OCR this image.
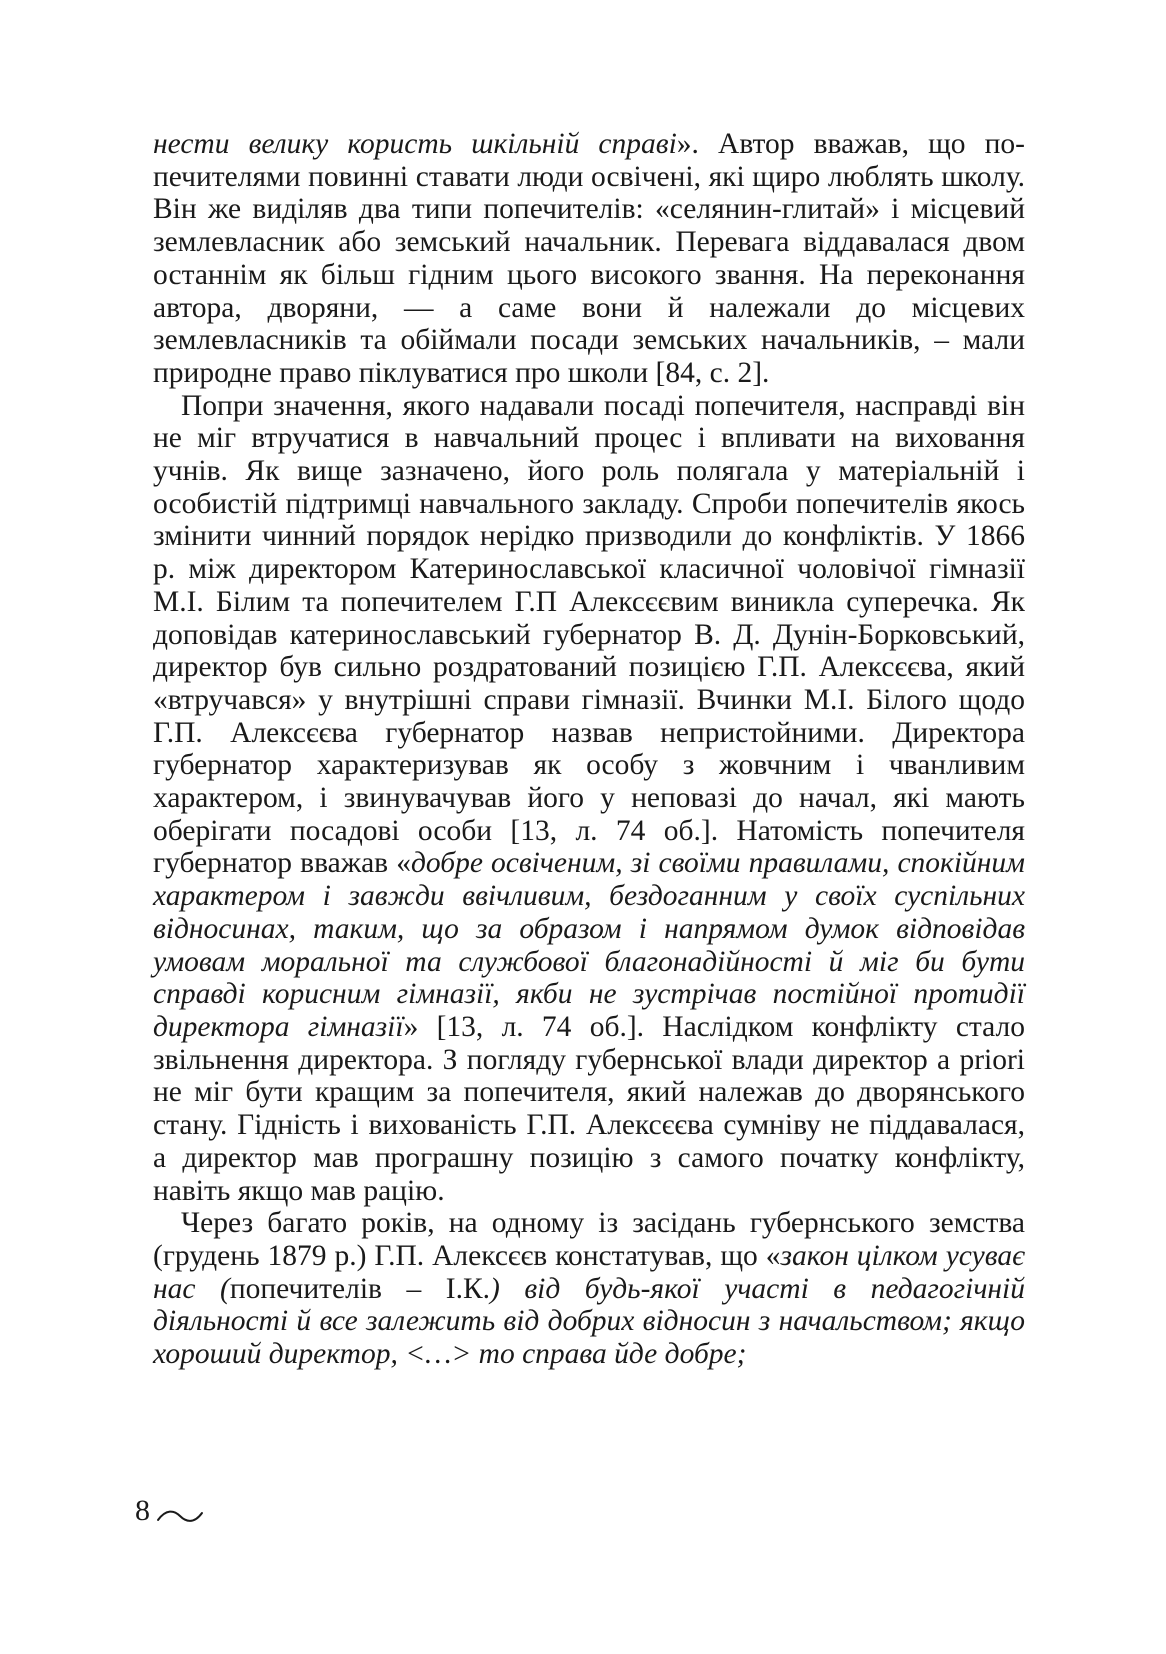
нести велику користь шкільній справі». Автор вважав, що попечителями повинні ставати люди освічені, які щиро люблять школу. Він же виділяв два типи попечителів: «селянин-глитай» і місцевий землевласник або земський начальник. Перевага віддавалася двом останнім як більш гідним цього високого звання. На переконання автора, дворяни, — а саме вони й належали до місцевих землевласників та обіймали посади земських начальників, – мали природне право піклуватися про школи [84, с. 2].

Попри значення, якого надавали посаді попечителя, насправді він не міг втручатися в навчальний процес і впливати на виховання учнів. Як вище зазначено, його роль полягала у матеріальній і особистій підтримці навчального закладу. Спроби попечителів якось змінити чинний порядок нерідко призводили до конфліктів. У 1866 р. між директором Катеринославської класичної чоловічої гімназії М.І. Білим та попечителем Г.П Алексєєвим виникла суперечка. Як доповідав катеринославський губернатор В. Д. Дунін-Борковський, директор був сильно роздратований позицією Г.П. Алексєєва, який «втручався» у внутрішні справи гімназії. Вчинки М.І. Білого щодо Г.П. Алексєєва губернатор назвав непристойними. Директора губернатор характеризував як особу з жовчним і чванливим характером, і звинувачував його у неповазі до начал, які мають оберігати посадові особи [13, л. 74 об.]. Натомість попечителя губернатор вважав «добре освіченим, зі своїми правилами, спокійним характером і завжди ввічливим, бездоганним у своїх суспільних відносинах, таким, що за образом і напрямом думок відповідав умовам моральної та службової благонадійності й міг би бути справді корисним гімназії, якби не зустрічав постійної протидії директора гімназії» [13, л. 74 об.]. Наслідком конфлікту стало звільнення директора. З погляду губернської влади директор a priori не міг бути кращим за попечителя, який належав до дворянського стану. Гідність і вихованість Г.П. Алексєєва сумніву не піддавалася, а директор мав програшну позицію з самого початку конфлікту, навіть якщо мав рацію.

Через багато років, на одному із засідань губернського земства (грудень 1879 р.) Г.П. Алексєєв констатував, що «закон цілком усуває нас (попечителів – І.К.) від будь-якої участі в педагогічній діяльності й все залежить від добрих відносин з начальством; якщо хороший директор, <…> то справа йде добре;

8
